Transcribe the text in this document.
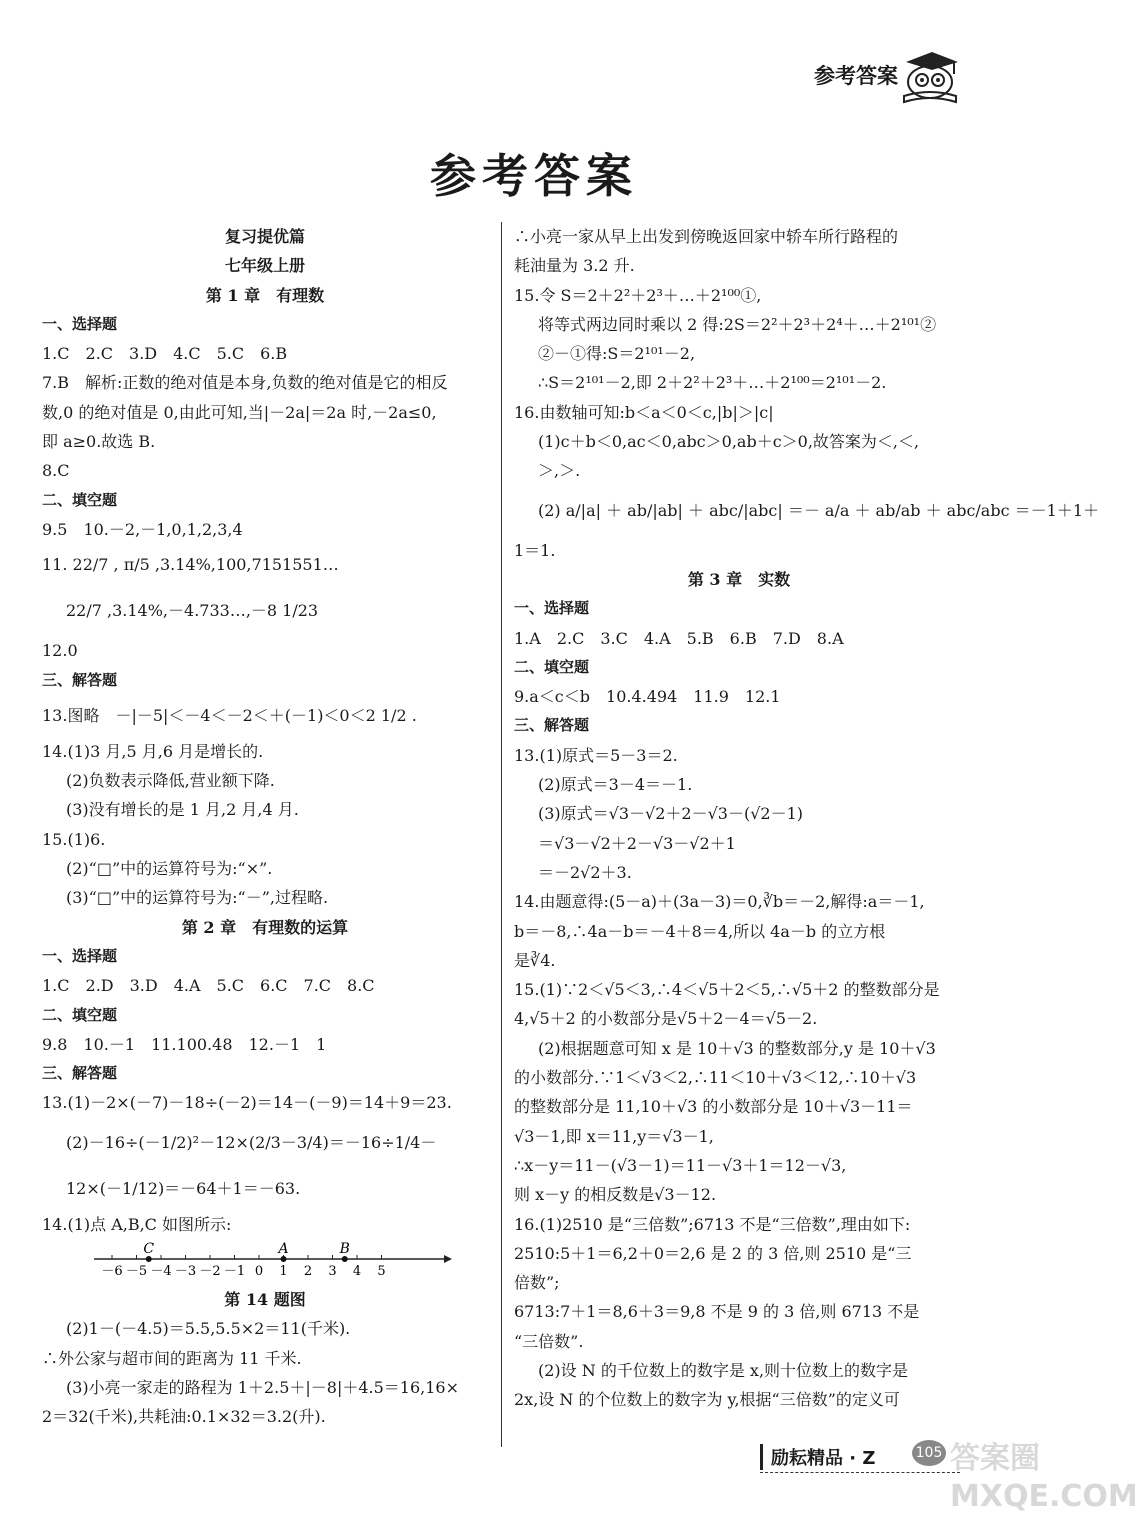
参考答案
参考答案
复习提优篇
七年级上册
第 1 章　有理数
一、选择题
1.C　2.C　3.D　4.C　5.C　6.B
7.B　解析:正数的绝对值是本身,负数的绝对值是它的相反
数,0 的绝对值是 0,由此可知,当|－2a|＝2a 时,－2a≤0,
即 a≥0.故选 B.
8.C
二、填空题
9.5　10.－2,－1,0,1,2,3,4
11. 22/7 , π/5 ,3.14%,100,7151551…
22/7 ,3.14%,－4.733…,－8 1/23
12.0
三、解答题
13.图略　－|－5|＜－4＜－2＜＋(－1)＜0＜2 1/2 .
14.(1)3 月,5 月,6 月是增长的.
(2)负数表示降低,营业额下降.
(3)没有增长的是 1 月,2 月,4 月.
15.(1)6.
(2)“□”中的运算符号为:“×”.
(3)“□”中的运算符号为:“－”,过程略.
第 2 章　有理数的运算
一、选择题
1.C　2.D　3.D　4.A　5.C　6.C　7.C　8.C
二、填空题
9.8　10.－1　11.100.48　12.－1　1
三、解答题
13.(1)－2×(－7)－18÷(－2)＝14－(－9)＝14＋9＝23.
(2)－16÷(－1/2)²－12×(2/3－3/4)＝－16÷1/4－
12×(－1/12)＝－64＋1＝－63.
14.(1)点 A,B,C 如图所示:
－6 －5 －4 －3 －2 －1 0 1 2 3 4 5
C	A	B
第 14 题图
(2)1－(－4.5)＝5.5,5.5×2＝11(千米).
∴外公家与超市间的距离为 11 千米.
(3)小亮一家走的路程为 1＋2.5＋|－8|＋4.5＝16,16×
2＝32(千米),共耗油:0.1×32＝3.2(升).
∴小亮一家从早上出发到傍晚返回家中轿车所行路程的
耗油量为 3.2 升.
15.令 S＝2＋2²＋2³＋…＋2¹⁰⁰①,
将等式两边同时乘以 2 得:2S＝2²＋2³＋2⁴＋…＋2¹⁰¹②
②－①得:S＝2¹⁰¹－2,
∴S＝2¹⁰¹－2,即 2＋2²＋2³＋…＋2¹⁰⁰＝2¹⁰¹－2.
16.由数轴可知:b＜a＜0＜c,|b|＞|c|
(1)c＋b＜0,ac＜0,abc＞0,ab＋c＞0,故答案为＜,＜,
＞,＞.
(2) a/|a| ＋ ab/|ab| ＋ abc/|abc| ＝－ a/a ＋ ab/ab ＋ abc/abc ＝－1＋1＋
1＝1.
第 3 章　实数
一、选择题
1.A　2.C　3.C　4.A　5.B　6.B　7.D　8.A
二、填空题
9.a＜c＜b　10.4.494　11.9　12.1
三、解答题
13.(1)原式＝5－3＝2.
(2)原式＝3－4＝－1.
(3)原式＝√3－√2＋2－√3－(√2－1)
＝√3－√2＋2－√3－√2＋1
＝－2√2＋3.
14.由题意得:(5－a)＋(3a－3)＝0,∛b＝－2,解得:a＝－1,
b＝－8,∴4a－b＝－4＋8＝4,所以 4a－b 的立方根
是∛4.
15.(1)∵2＜√5＜3,∴4＜√5＋2＜5,∴√5＋2 的整数部分是
4,√5＋2 的小数部分是√5＋2－4＝√5－2.
(2)根据题意可知 x 是 10＋√3 的整数部分,y 是 10＋√3
的小数部分.∵1＜√3＜2,∴11＜10＋√3＜12,∴10＋√3
的整数部分是 11,10＋√3 的小数部分是 10＋√3－11＝
√3－1,即 x＝11,y＝√3－1,
∴x－y＝11－(√3－1)＝11－√3＋1＝12－√3,
则 x－y 的相反数是√3－12.
16.(1)2510 是“三倍数”;6713 不是“三倍数”,理由如下:
2510:5＋1＝6,2＋0＝2,6 是 2 的 3 倍,则 2510 是“三
倍数”;
6713:7＋1＝8,6＋3＝9,8 不是 9 的 3 倍,则 6713 不是
“三倍数”.
(2)设 N 的千位数上的数字是 x,则十位数上的数字是
2x,设 N 的个位数上的数字为 y,根据“三倍数”的定义可
励耘精品 · Z	105 答案圈
MXQE.COM
